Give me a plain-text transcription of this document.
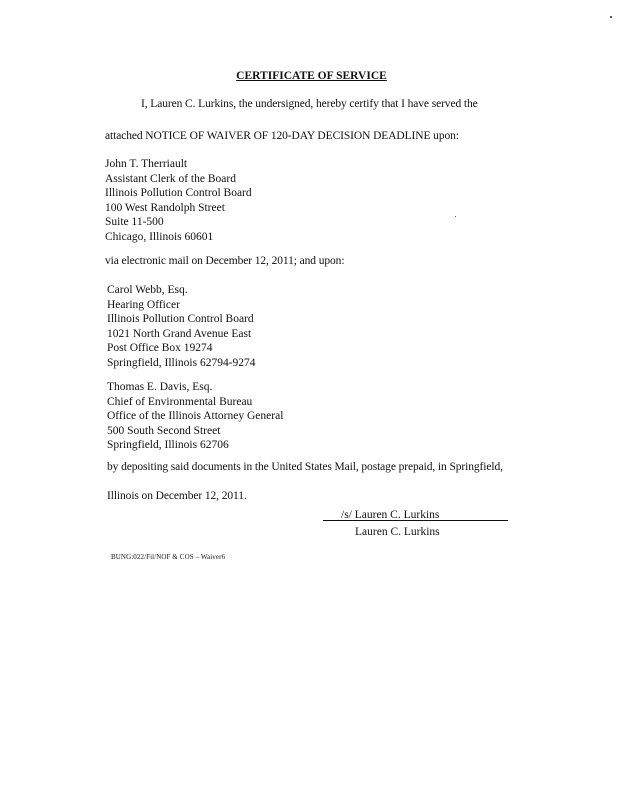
CERTIFICATE OF SERVICE
I, Lauren C. Lurkins, the undersigned, hereby certify that I have served the
attached NOTICE OF WAIVER OF 120-DAY DECISION DEADLINE upon:
John T. Therriault
Assistant Clerk of the Board
Illinois Pollution Control Board
100 West Randolph Street
Suite 11-500
Chicago, Illinois 60601
via electronic mail on December 12, 2011; and upon:
Carol Webb, Esq.
Hearing Officer
Illinois Pollution Control Board
1021 North Grand Avenue East
Post Office Box 19274
Springfield, Illinois 62794-9274
Thomas E. Davis, Esq.
Chief of Environmental Bureau
Office of the Illinois Attorney General
500 South Second Street
Springfield, Illinois 62706
by depositing said documents in the United States Mail, postage prepaid, in Springfield,
Illinois on December 12, 2011.
/s/ Lauren C. Lurkins
Lauren C. Lurkins
BUNG:022/Fil/NOF & COS – Waiver6
